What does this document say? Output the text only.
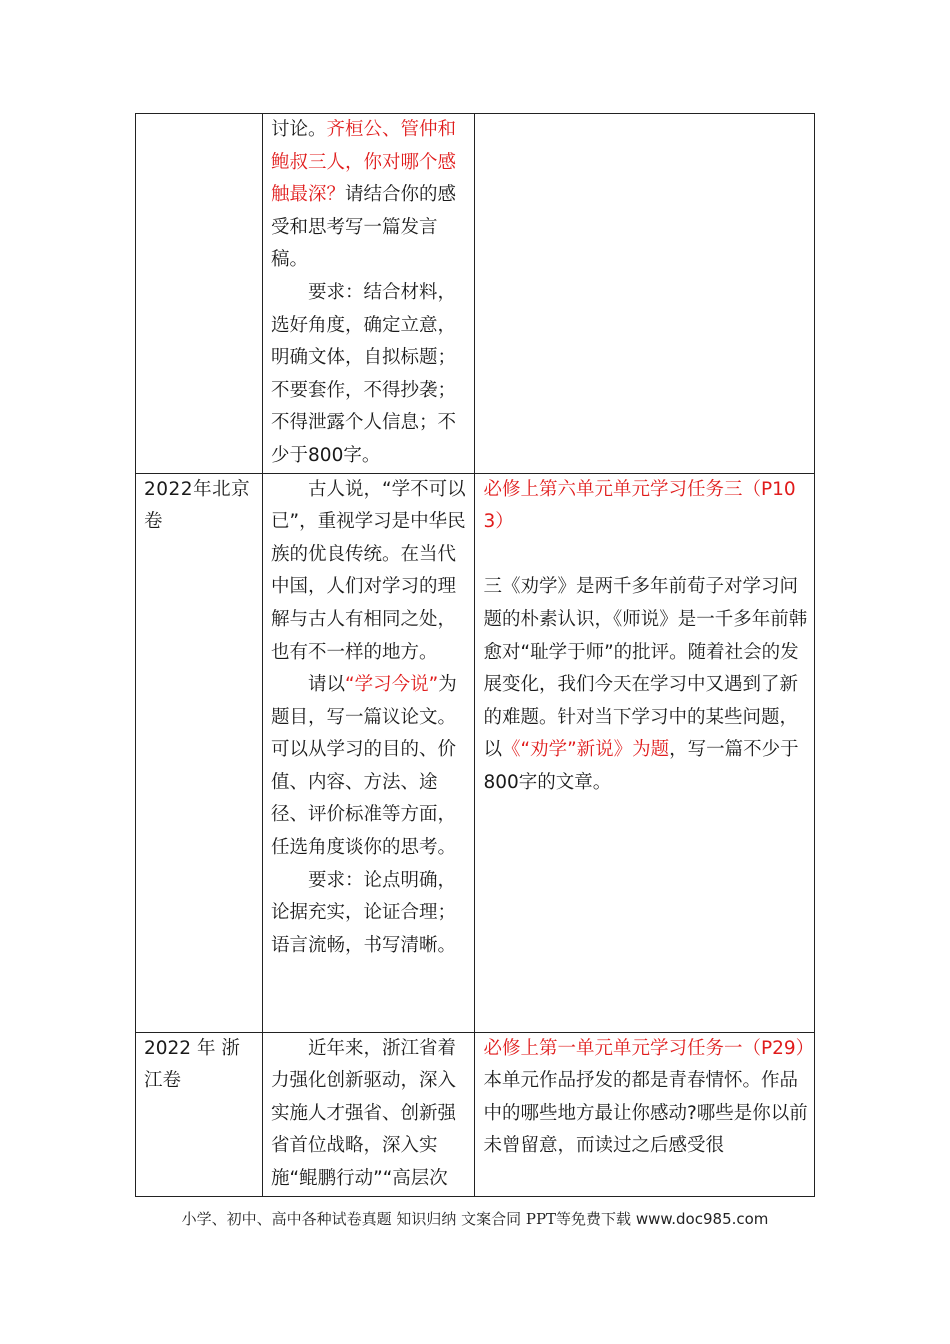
	讨论。齐桓公、管仲和鲍叔三人，你对哪个感触最深？请结合你的感受和思考写一篇发言稿。
要求：结合材料，选好角度，确定立意，明确文体，自拟标题；不要套作，不得抄袭；不得泄露个人信息；不少于800字。	

2022年北京卷	古人说，“学不可以已”，重视学习是中华民族的优良传统。在当代中国，人们对学习的理解与古人有相同之处，也有不一样的地方。
请以“学习今说”为题目，写一篇议论文。可以从学习的目的、价值、内容、方法、途径、评价标准等方面，任选角度谈你的思考。
要求：论点明确，论据充实，论证合理；语言流畅，书写清晰。	必修上第六单元单元学习任务三（P103）
三《劝学》是两千多年前荀子对学习问题的朴素认识，《师说》是一千多年前韩愈对“耻学于师”的批评。随着社会的发展变化，我们今天在学习中又遇到了新的难题。针对当下学习中的某些问题，以《“劝学”新说》为题，写一篇不少于800字的文章。

2022 年 浙 江卷	近年来，浙江省着力强化创新驱动，深入实施人才强省、创新强省首位战略，深入实施“鲲鹏行动”“高层次	必修上第一单元单元学习任务一（P29）
本单元作品抒发的都是青春情怀。作品中的哪些地方最让你感动?哪些是你以前未曾留意，而读过之后感受很
小学、初中、高中各种试卷真题 知识归纳 文案合同 PPT等免费下载 www.doc985.com
